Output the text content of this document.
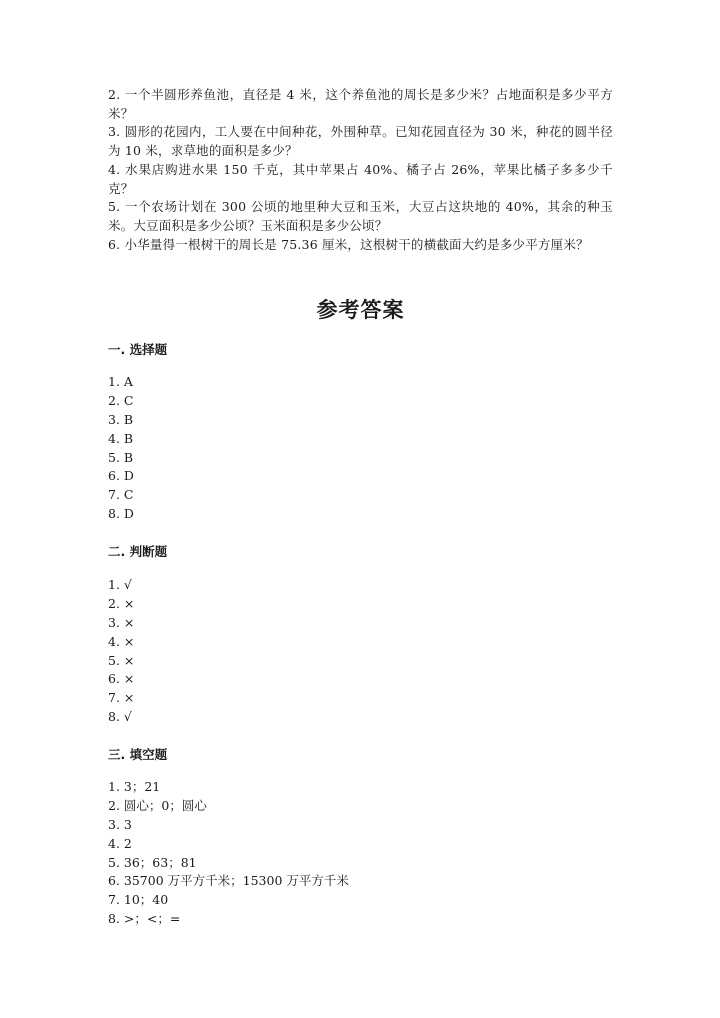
2. 一个半圆形养鱼池，直径是 4 米，这个养鱼池的周长是多少米？占地面积是多少平方米？

3. 圆形的花园内，工人要在中间种花，外围种草。已知花园直径为 30 米，种花的圆半径为 10 米，求草地的面积是多少？

4. 水果店购进水果 150 千克，其中苹果占 40%、橘子占 26%，苹果比橘子多多少千克？

5. 一个农场计划在 300 公顷的地里种大豆和玉米，大豆占这块地的 40%，其余的种玉米。大豆面积是多少公顷？玉米面积是多少公顷？

6. 小华量得一根树干的周长是 75.36 厘米，这根树干的横截面大约是多少平方厘米？

参考答案
一. 选择题
1. A
2. C
3. B
4. B
5. B
6. D
7. C
8. D
二. 判断题
1. √
2. ×
3. ×
4. ×
5. ×
6. ×
7. ×
8. √
三. 填空题
1. 3；21
2. 圆心；0；圆心
3. 3
4. 2
5. 36；63；81
6. 35700 万平方千米；15300 万平方千米
7. 10；40
8. >；<；=
